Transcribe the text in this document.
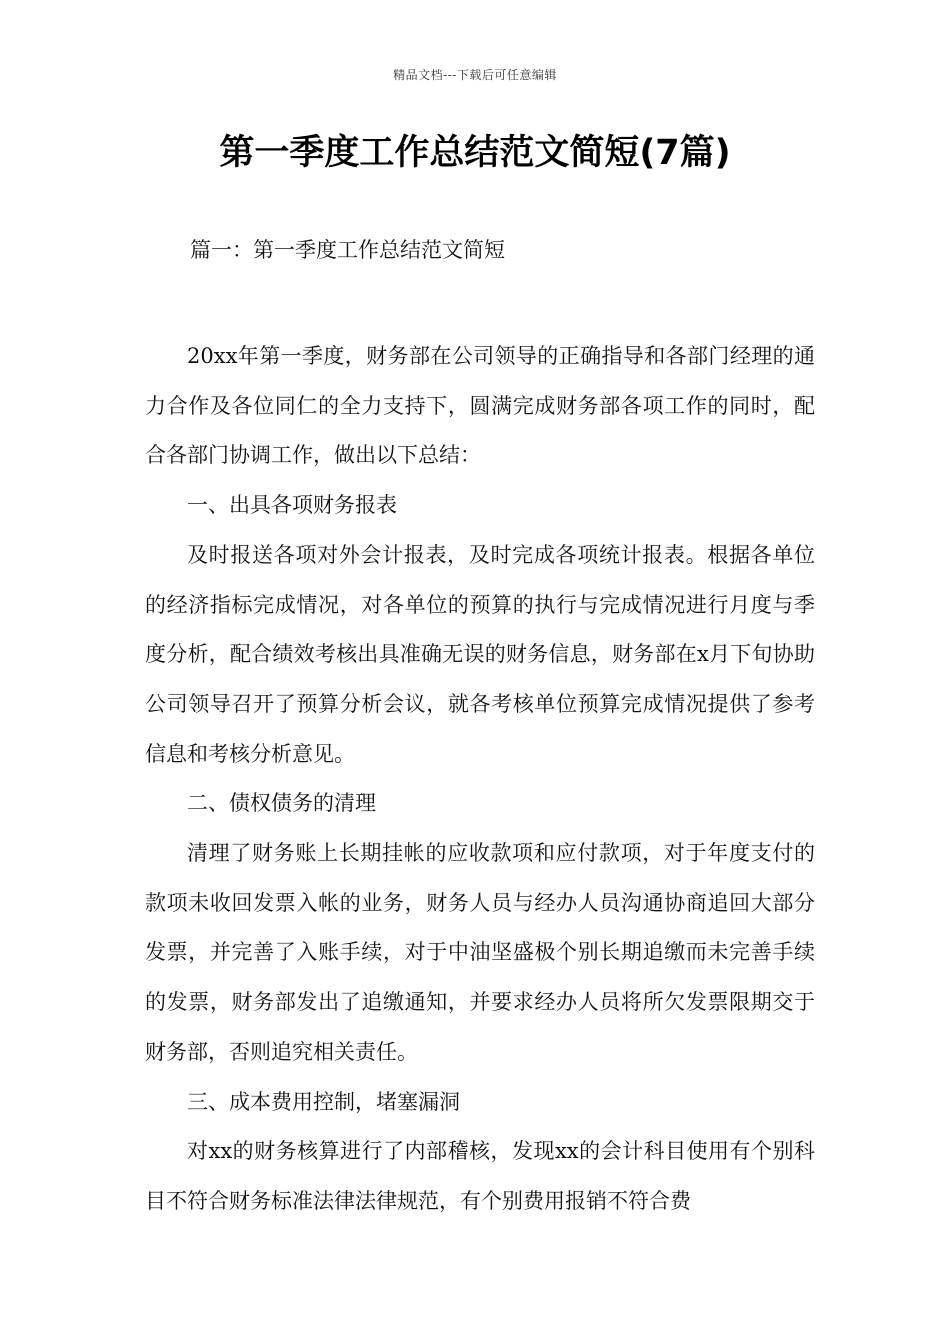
精品文档---下载后可任意编辑
第一季度工作总结范文简短(7篇)
篇一：第一季度工作总结范文简短

20xx年第一季度，财务部在公司领导的正确指导和各部门经理的通力合作及各位同仁的全力支持下，圆满完成财务部各项工作的同时，配合各部门协调工作，做出以下总结：

一、出具各项财务报表

及时报送各项对外会计报表，及时完成各项统计报表。根据各单位的经济指标完成情况，对各单位的预算的执行与完成情况进行月度与季度分析，配合绩效考核出具准确无误的财务信息，财务部在x月下旬协助公司领导召开了预算分析会议，就各考核单位预算完成情况提供了参考信息和考核分析意见。

二、债权债务的清理

清理了财务账上长期挂帐的应收款项和应付款项，对于年度支付的款项未收回发票入帐的业务，财务人员与经办人员沟通协商追回大部分发票，并完善了入账手续，对于中油坚盛极个别长期追缴而未完善手续的发票，财务部发出了追缴通知，并要求经办人员将所欠发票限期交于财务部，否则追究相关责任。

三、成本费用控制，堵塞漏洞

对xx的财务核算进行了内部稽核，发现xx的会计科目使用有个别科目不符合财务标准法律法律规范，有个别费用报销不符合费
